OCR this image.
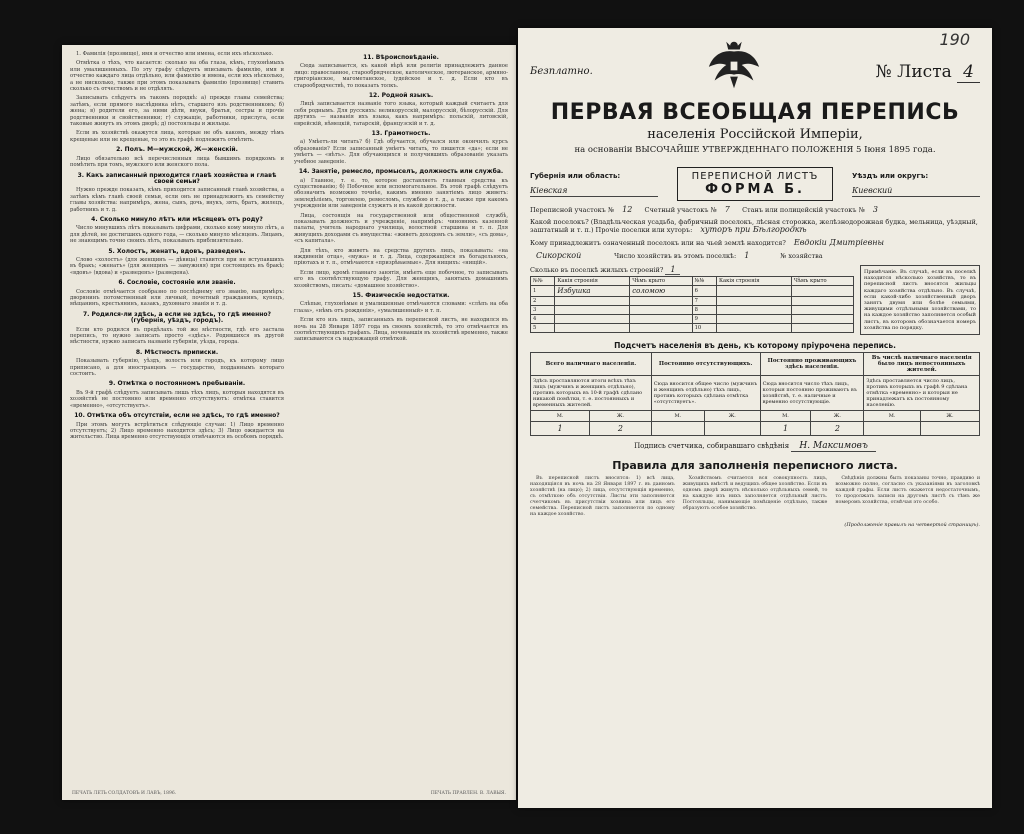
1. Фамилія (прозвище), имя и отчество или имена, если ихъ нѣсколько.

Отмѣтка о тѣхъ, что касается: сколько на оба глаза, кѣмъ, глухонѣмыхъ или умалишенныхъ. По эту графу слѣдуетъ вписывать фамилію, имя и отчество каждаго лица отдѣльно, или фамилію и имена, если ихъ нѣсколько, а не нисколько, также при этомъ показывать фамилію (прозвище) ставить сколько съ отчествомъ и не отдѣлять.

Записывать слѣдуетъ въ такомъ порядкѣ: а) прежде главы семейства; затѣмъ, если прямого наслѣдника нѣтъ, старшего изъ родственниковъ; б) жена; в) родители его, за ними дѣти, внуки, братья, сестры и прочіе родственники и свойственники; г) служащіе, работники, прислуга, если таковые живутъ въ этомъ дворѣ; д) постояльцы и жильцы.

Если въ хозяйствѣ окажутся лица, которые не объ какомъ, между тѣмъ крещеные или не крещеные, то это въ графѣ подлежитъ отмѣтить.

2. Полъ. М—мужской, Ж—женскій.

Лицо обязательно всѣ перечисленныя лица бывшимъ порядкомъ и помѣтить при томъ, мужского или женского пола.

3. Какъ записанный приходится главѣ хозяйства и главѣ своей семьи?

Нужно прежде показать, кѣмъ приходится записанный главѣ хозяйства, а затѣмъ кѣмъ главѣ своей семьи, если онъ не принадлежитъ къ семейству главы хозяйства: напримѣръ, жена, сынъ, дочь, внукъ, зять, братъ, жилецъ, работникъ и т. д.

4. Сколько минуло лѣтъ или мѣсяцевъ отъ роду?

Число минувшихъ лѣтъ показывать цифрами, сколько кому минуло лѣтъ, а для дѣтей, не достигшихъ одного года, — сколько минуло мѣсяцевъ. Лицамъ, не знающимъ точно своихъ лѣтъ, показывать приблизительно.

5. Холостъ, женатъ, вдовъ, разведенъ.

Слово «холостъ» (для женщинъ — дѣвица) ставится при не вступавшихъ въ бракъ; «женатъ» (для женщинъ — замужняя) при состоящихъ въ бракѣ; «вдовъ» (вдова) и «разведенъ» (разведена).

6. Сословіе, состояніе или званіе.

Сословіе отмѣчается сообразно по послѣднему его званію, напримѣръ: дворянинъ потомственный или личный, почетный гражданинъ, купецъ, мѣщанинъ, крестьянинъ, казакъ, духовнаго званія и т. д.

7. Родился-ли здѣсь, а если не здѣсь, то гдѣ именно? (губернія, уѣздъ, городъ).

Если кто родился въ предѣлахъ той же мѣстности, гдѣ его застала перепись, то нужно записать просто «здѣсь». Родившихся въ другой мѣстности, нужно записать названіе губерніи, уѣзда, города.

8. Мѣстность приписки.

Показывать губернію, уѣздъ, волость или городъ, къ которому лицо приписано, а для иностранцевъ — государство, подданнымъ котораго состоитъ.

9. Отмѣтка о постоянномъ пребываніи.

Въ 9-й графѣ слѣдуетъ записывать лишь тѣхъ лицъ, которыя находятся въ хозяйствѣ не постоянно или временно отсутствуютъ: отмѣтка ставится «временно», «отсутствуетъ».

10. Отмѣтка объ отсутствіи, если не здѣсь, то гдѣ именно?

При этомъ могутъ встрѣтиться слѣдующіе случаи: 1) Лицо временно отсутствуетъ; 2) Лицо временно находится здѣсь; 3) Лицо ожидается на жительство. Лица временно отсутствующія отмѣчаются въ особомъ порядкѣ.

11. Вѣроисповѣданіе.

Сюда записывается, къ какой вѣрѣ или религіи принадлежитъ данное лицо: православное, старообрядческое, католическое, лютеранское, армяно-григоріанское, магометанское, іудейское и т. д. Если кто въ старообрядчествѣ, то показать толкъ.

12. Родной языкъ.

Лицѣ записывается названіе того языка, который каждый считаетъ для себя роднымъ. Для русскихъ: великорусскій, малорусскій, бѣлорусскій. Для другихъ — названія ихъ языка, какъ напримѣръ: польскій, литовскій, еврейскій, нѣмецкій, татарскій, французскій и т. д.

13. Грамотность.

а) Умѣетъ-ли читать? б) Гдѣ обучается, обучался или окончилъ курсъ образованія? Если записанный умѣетъ читать, то пишется «да»; если не умѣетъ — «нѣтъ». Для обучающихся и получившихъ образованіе указать учебное заведеніе.

14. Занятіе, ремесло, промыселъ, должность или служба.

а) Главное, т. е. то, которое доставляетъ главныя средства къ существованію; б) Побочное или вспомогательное. Въ этой графѣ слѣдуетъ обозначить возможно точнѣе, какимъ именно занятіемъ лицо живетъ: земледѣліемъ, торговлею, ремесломъ, службою и т. д., а также при какомъ учрежденіи или заведеніи служитъ и въ какой должности.

Лица, состоящія на государственной или общественной службѣ, показывать должность и учрежденіе, напримѣръ: чиновникъ казенной палаты, учитель народнаго училища, волостной старшина и т. п. Для живущихъ доходами съ имущества: «живетъ доходомъ съ земли», «съ дома», «съ капитала».

Для тѣхъ, кто живетъ на средства другихъ лицъ, показывать: «на иждивеніи отца», «мужа» и т. д. Лица, содержащіяся въ богадельняхъ, пріютахъ и т. п., отмѣчаются «призрѣваемые». Для нищихъ: «нищій».

Если лицо, кромѣ главнаго занятія, имѣетъ еще побочное, то записывать его въ соотвѣтствующую графу. Для женщинъ, занятыхъ домашнимъ хозяйствомъ, писать: «домашнее хозяйство».

15. Физическіе недостатки.

Слѣпые, глухонѣмые и умалишенные отмѣчаются словами: «слѣпъ на оба глаза», «нѣмъ отъ рожденія», «умалишенный» и т. п.

Если кто изъ лицъ, записанныхъ въ переписной листъ, не находился въ ночь на 28 Января 1897 года въ своемъ хозяйствѣ, то это отмѣчается въ соотвѣтствующихъ графахъ. Лица, ночевавшія въ хозяйствѣ временно, также записываются съ надлежащей отмѣткой.

ПЕЧАТЬ ЛЕТЬ СОЛДАТОВЪ И ЛАВЪ, 1896.	ПЕЧАТЬ ПРАВЛЕН. В. ЛАВЫЯ.
190
Безплатно.	№ Листа 4
ПЕРВАЯ ВСЕОБЩАЯ ПЕРЕПИСЬ
населенія Россійской Имперіи,
на основаніи ВЫСОЧАЙШЕ УТВЕРЖДЕННАГО ПОЛОЖЕНІЯ 5 Іюня 1895 года.
Губернія или область:
Кіевская
ПЕРЕПИСНОЙ ЛИСТЪ
ФОРМА Б.
Уѣздъ или округъ:
Киевский
Переписной участокъ № 12 Счетный участокъ № 7 Станъ или полицейскій участокъ № 3
Какой поселокъ? (Владѣльческая усадьба, фабричный поселокъ, лѣсная сторожка, желѣзнодорожная будка, мельница, уѣздный, заштатный и т. п.) Прочіе поселки или хуторъ: хуторъ при Бѣлгородкѣ
Кому принадлежитъ означенный поселокъ или на чьей землѣ находится? Евдокіи Дмитріевны
Сикорской	Число хозяйствъ въ этомъ поселкѣ: 1	№ хозяйства
Сколько въ поселкѣ жилыхъ строеній? 1
№№	Какія строенія	Чѣмъ крыто	№№	Какія строенія	Чѣмъ крыто
1	Избушка	соломою	6		
2			7		
3			8		
4			9		
5			10		
Примѣчаніе. Въ случаѣ, если въ поселкѣ находится нѣсколько хозяйствъ, то въ переписной листъ вносятся жильцы каждаго хозяйства отдѣльно. Въ случаѣ, если какой-либо хозяйственный дворъ занятъ двумя или болѣе семьями, живущими отдѣльными хозяйствами, то на каждое хозяйство заполняется особый листъ, въ которомъ обозначается номеръ хозяйства по порядку.
Подсчетъ населенія въ день, къ которому пріурочена перепись.
Всего наличнаго населенія.		Постоянно отсутствующихъ.		Постоянно проживающихъ здѣсь населенія.		Въ числѣ наличнаго населенія было лицъ непостоянныхъ жителей.	
Здѣсь проставляются итоги всѣхъ тѣхъ лицъ (мужчинъ и женщинъ отдѣльно), противъ которыхъ въ 10-й графѣ сдѣлано никакой помѣтки, т. е. постоянныхъ и временныхъ жителей.		Сюда вносится общее число (мужчинъ и женщинъ отдѣльно) тѣхъ лицъ, противъ которыхъ сдѣлана отмѣтка «отсутствуетъ».		Сюда вносится число тѣхъ лицъ, которыя постоянно проживаютъ въ хозяйствѣ, т. е. наличные и временно отсутствующіе.		Здѣсь проставляется число лицъ, противъ которыхъ въ графѣ 9 сдѣлана отмѣтка «временно» и которыя не принадлежатъ къ постоянному населенію.	
М.	Ж.	М.	Ж.	М.	Ж.	М.	Ж.
1	2			1	2		
Подпись счетчика, собиравшаго свѣдѣнія Н. Максимовъ
Правила для заполненія переписного листа.

Въ переписной листъ вносятся: 1) всѣ лица, находящіяся въ ночь на 28 Января 1897 г. въ данномъ хозяйствѣ (на лицо); 2) лица, отсутствующія временно, съ отмѣткою объ отсутствіи. Листы эти заполняются счетчикомъ въ присутствіи хозяина или лицъ его семейства. Переписной листъ заполняется по одному на каждое хозяйство.

Хозяйствомъ считается вся совокупность лицъ, живущихъ вмѣстѣ и ведущихъ общее хозяйство. Если въ одномъ дворѣ живутъ нѣсколько отдѣльныхъ семей, то на каждую изъ нихъ заполняется отдѣльный листъ. Постояльцы, нанимающіе помѣщеніе отдѣльно, также образуютъ особое хозяйство.

Свѣдѣнія должны быть показаны точно, правдиво и возможно полно, согласно съ указаніями въ заголовкѣ каждой графы. Если листъ окажется недостаточнымъ, то продолжать записи на другомъ листѣ съ тѣмъ же номеромъ хозяйства, отмѣчая это особо.

(Продолженіе правилъ на четвертой страницѣ).
